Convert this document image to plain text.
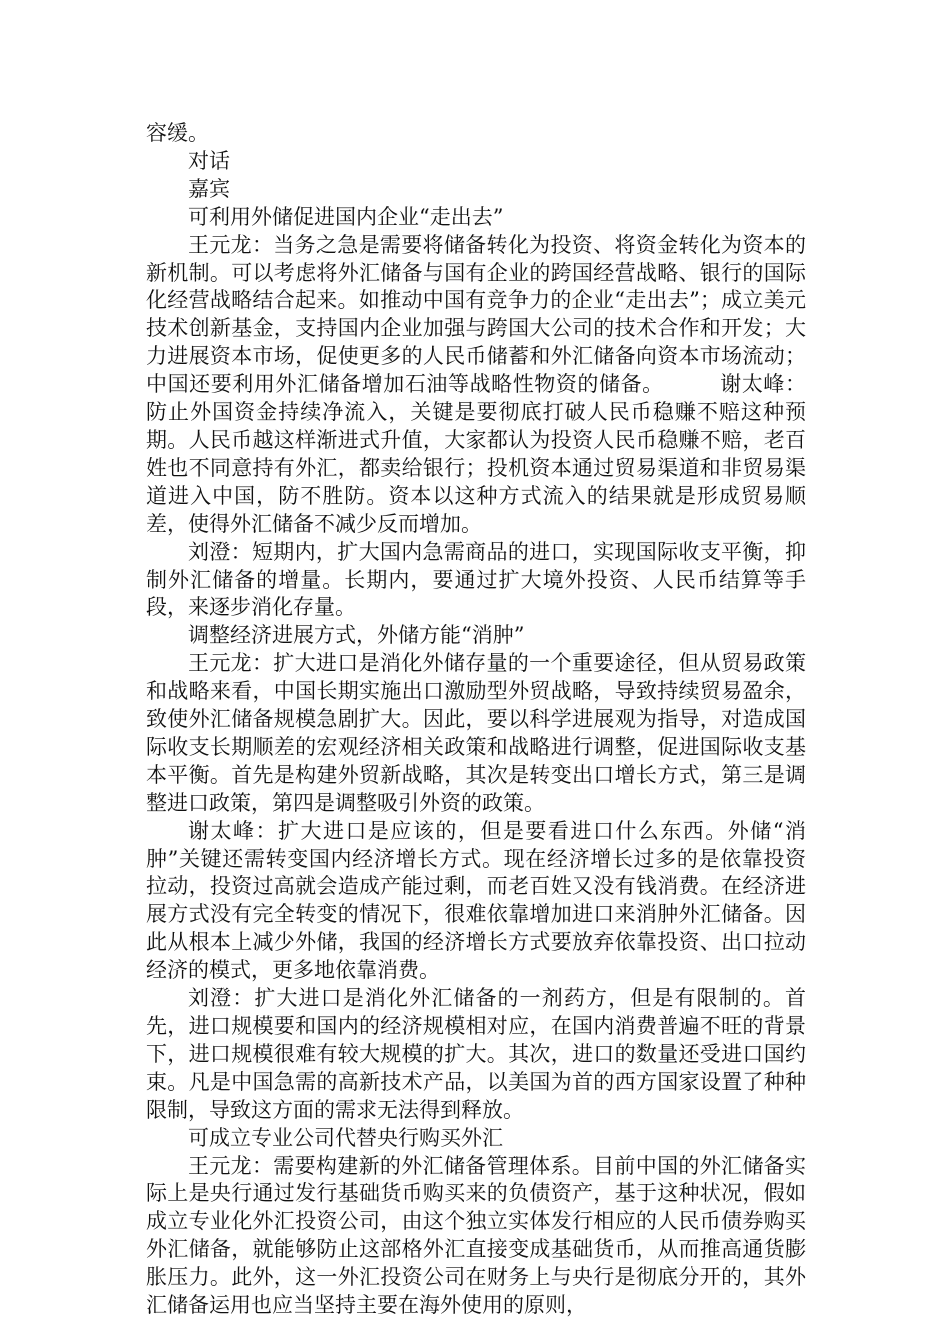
容缓。

对话

嘉宾

可利用外储促进国内企业“走出去”

王元龙：当务之急是需要将储备转化为投资、将资金转化为资本的新机制。可以考虑将外汇储备与国有企业的跨国经营战略、银行的国际化经营战略结合起来。如推动中国有竞争力的企业“走出去”；成立美元技术创新基金，支持国内企业加强与跨国大公司的技术合作和开发；大力进展资本市场，促使更多的人民币储蓄和外汇储备向资本市场流动；中国还要利用外汇储备增加石油等战略性物资的储备。	谢太峰：防止外国资金持续净流入，关键是要彻底打破人民币稳赚不赔这种预期。人民币越这样渐进式升值，大家都认为投资人民币稳赚不赔，老百姓也不同意持有外汇，都卖给银行；投机资本通过贸易渠道和非贸易渠道进入中国，防不胜防。资本以这种方式流入的结果就是形成贸易顺差，使得外汇储备不减少反而增加。

刘澄：短期内，扩大国内急需商品的进口，实现国际收支平衡，抑制外汇储备的增量。长期内，要通过扩大境外投资、人民币结算等手段，来逐步消化存量。

调整经济进展方式，外储方能“消肿”

王元龙：扩大进口是消化外储存量的一个重要途径，但从贸易政策和战略来看，中国长期实施出口激励型外贸战略，导致持续贸易盈余，致使外汇储备规模急剧扩大。因此，要以科学进展观为指导，对造成国际收支长期顺差的宏观经济相关政策和战略进行调整，促进国际收支基本平衡。首先是构建外贸新战略，其次是转变出口增长方式，第三是调整进口政策，第四是调整吸引外资的政策。

谢太峰：扩大进口是应该的，但是要看进口什么东西。外储“消肿”关键还需转变国内经济增长方式。现在经济增长过多的是依靠投资拉动，投资过高就会造成产能过剩，而老百姓又没有钱消费。在经济进展方式没有完全转变的情况下，很难依靠增加进口来消肿外汇储备。因此从根本上减少外储，我国的经济增长方式要放弃依靠投资、出口拉动经济的模式，更多地依靠消费。

刘澄：扩大进口是消化外汇储备的一剂药方，但是有限制的。首先，进口规模要和国内的经济规模相对应，在国内消费普遍不旺的背景下，进口规模很难有较大规模的扩大。其次，进口的数量还受进口国约束。凡是中国急需的高新技术产品，以美国为首的西方国家设置了种种限制，导致这方面的需求无法得到释放。

可成立专业公司代替央行购买外汇

王元龙：需要构建新的外汇储备管理体系。目前中国的外汇储备实际上是央行通过发行基础货币购买来的负债资产，基于这种状况，假如成立专业化外汇投资公司，由这个独立实体发行相应的人民币债券购买外汇储备，就能够防止这部格外汇直接变成基础货币，从而推高通货膨胀压力。此外，这一外汇投资公司在财务上与央行是彻底分开的，其外汇储备运用也应当坚持主要在海外使用的原则，
